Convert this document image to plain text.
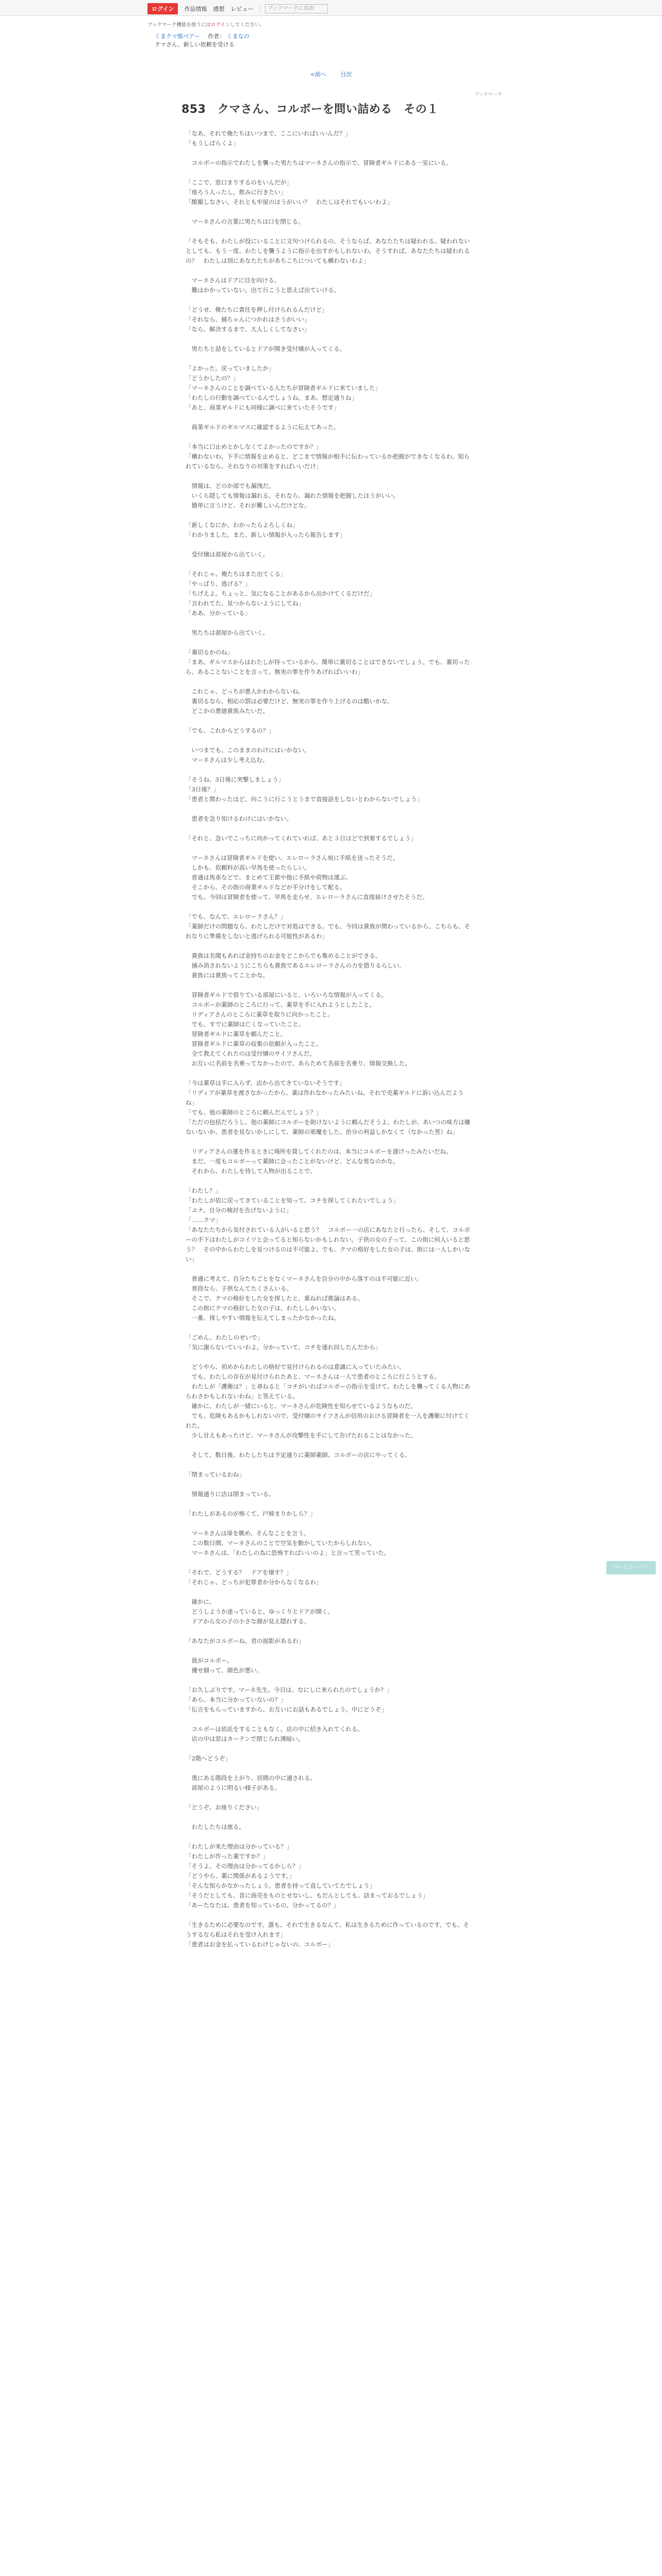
ログイン	作品情報 感想 レビュー	ブックマークに追加
ブックマーク機能を使うにはログインしてください。
くまクマ熊ベアー 作者： くまなの
クマさん、新しい依頼を受ける
<前へ	目次
ブックマーク
853　クマさん、コルボーを問い詰める　その１

「なあ、それで俺たちはいつまで、ここにいればいいんだ？」
「もうしばらくよ」

　コルボーの指示でわたしを襲った男たちはマーネさんの指示で、冒険者ギルドにある一室にいる。

「ここで、窓口まりするのをいんだが」
「座ろう人ったし、飲みに行きたい」
「酸撮しなさい。それとも牢屋のほうがいい？　わたしはそれでもいいわよ」

　マーネさんの言葉に男たちは口を閉じる。

「そもそも、わたしが役にいることに文句つけられるの、そうならば、あなたたちは疑われる。疑われないとしても、もう一度、わたしを襲うように指示を出すかもしれないわ。そうすれば、あなたたちは疑われるの？　わたしは別にあなたたちがあちこちについても構わないわよ」

　マーネさんはドアに目を向ける。
　難はかかっていない。出て行こうと思えば出ていける。

「どうせ、俺たちに責任を押し付けられるんだけど」
「それなら、捕ちゃんにつかれはさうがいい」
「なら、解決するまで、大人しくしてなさい」

　男たちと話をしているとドアが開き受付嬢が入ってくる。

「よかった。戻っていましたか」
「どうかしたの？」
「マーネさんのことを調べている人たちが冒険者ギルドに来ていました」
「わたしの行動を調べているんでしょうね。まあ、想定通りね」
「あと、商業ギルドにも同様に調べに来ていたそうです」

　商業ギルドのギルマスに確認するように伝えてあった。

「本当に口止めとかしなくてよかったのですか？」
「構わないわ。下手に情報を止めると、どこまで情報が相手に伝わっているか把握ができなくなるわ。知られているなら、それなりの対策をすればいいだけ」

　情報は、どのか部でも漏洩だ。
　いくら隠しても情報は漏れる。それなら、漏れた情報を把握したほうがいい。
　簡単に言うけど、それが難しいんだけどな。

「新しくなにか、わかったらよろしくね」
「わかりました。また、新しい情報が入ったら報告します」

　受付嬢は部屋から出ていく。

「それじゃ、俺たちはまた出てくる」
「やっぱり、逃げる？」
「ちげえよ。ちょっと、気になることがあるから出かけてくるだけだ」
「言われてた、見つからないようにしてね」
「ああ、分かっている」

　男たちは部屋から出ていく。

「裏切るかのね」
「まあ、ギルマスからはわたしが待っているから、簡単に裏切ることはできないでしょう。でも、裏切ったら、あることないことを言って、無実の罪を作りあげればいいわ」

　これじゃ、どっちが悪人かわからないね。
　裏切るなら、相応の罰は必要だけど、無実の罪を作り上げるのは酷いかな。
　どこかの悪徳貴族みたいだ。

「でも、これからどうするの？」

　いつまでも、このままのわけにはいかない。
　マーネさんは少し考え込む。

「そうね、3日後に突撃しましょう」
「3日後？」
「患者と関わったほど、向こうに行こうとうまで直接話をしないとわからないでしょう」

　患者を急り知けるわけにはいかない。

「それと、急いでこっちに向かってくれていれば、あと３日ほどで到着するでしょう」

　マーネさんは冒険者ギルドを使い、エレローラさん宛に手紙を送ったそうだ。
　しかも、依頼料が高い早馬を使ったらしい。
　普通は馬車などで、まとめて王都や他に手紙や荷物は運ぶ。
　そこから、その街の商業ギルドなどが手分けをして配る。
　でも、今回は冒険者を使って、早馬を走らせ、エレローラさんに直接届けさせたそうだ。

「でも、なんで、エレローラさん？」
「薬師だけの問題なら、わたしだけで対処はできる。でも、今回は貴族が関わっているから、こちらも、それなりに準備をしないと逃げられる可能性があるわ」

　貴族は名聞もあれば金持ちのお金をどこからでも集めることができる。
　捕み消されないようにこちらも貴族であるエレローラさんの力を借りるらしい。
　貴族には貴族ってことかな。

　冒険者ギルドで借りている部屋にいると、いろいろな情報が入ってくる。
　コルボーが薬師のところに行って、薬草を手に入れようとしたこと。
　リディアさんのところに薬草を取りに向かったこと。
　でも、すでに薬師は亡くなっていたこと。
　冒険者ギルドに薬草を頼んだこと。
　冒険者ギルドに薬草の収集の依頼が入ったこと。
　全て教えてくれたのは受付嬢のサイフさんだ。
　お互いに名前を名乗ってなかったので、あらためて名前を名乗り、情報交換した。

「今は薬草は手に入らず、店から出てきていないそうです」
「リディアが薬草を渡さなかったから、薬は作れなかったみたいね。それで売薬ギルドに訴い込んだようね」
「でも、他の薬師のところに頼んだんでしょう？」
「ただの包括だろうし、他の薬師にコルボーを助けないように頼んだそうよ。わたしが、あいつの味方は嫌ないないか、患者を見ないかしにして、薬師の邪魔をした、治分の利益しかなくて（なかった筈）ね」

　リディアさんの運を作るときに場所を貸してくれたのは、本当にコルボーを遅けったみたいだね。
　まだ、一度もコルボーって薬師に会ったことがないけど、どんな男なのかな。
　それから、わたしを待して人物が出ることで、

「わたし？」
「わたしが依に戻ってきていることを知って、コチを探してくれたいでしょう」
「ユナ、自分の検討を告げないように」
「……クマ」
「あなたたちから気付されている人がいると思う？　コルボー一の店にあなたと行ったら、そして、コルボーの手下はわたしがコイツと会ってると知らないかもしれない。子供の女の子って、この街に何人いると思う？　その中からわたしを見つけるのは不可能よ。でも、クマの格好をした女の子は、街には一人しかいない」

　普通に考えて、自分たちごとをなくマーネさんを自分の中から落すのは不可能に近い。
　普段なら、子供なんてたくさんいる。
　そこで、クマの格好をした女を探したと、重ねれば推論はある。
　この街にクマの格好した女の子は、わたししかいない。
　一番、探しやすい情報を伝えてしまったかなかったね。

「ごめん、わたしのせいで」
「気に謝らないていいわよ。分かっていて、コチを連れ回したんだから」

　どうやら、初めからわたしの格好で見付けられるのは意識に入っていたみたい。
　でも、わたしの存在が見付けられたあと、マーネさんは一人で患者のところに行こうとする。
　わたしが「護衛は？」と尋ねると「コチがいればコルボーの指示を受けて、わたしを襲ってくる人物にあらわさかもしれないわね」と答えている。
　確かに、わたしが一緒にいると、マーネさんが危険性を知らせているようなものだ。
　でも、危険もあるかもしれないので、受付嬢のサイフさんが信用のおける冒険者を一人を護衛に付けてくれた。
　少し甘えもあったけど、マーネさんが攻撃性を手にして告げたれることはなかった。

　そして、数日後、わたしたちは予定通りに薬師薬師、コルボーの店にやってくる。

「閉まっているわね」

　情報通りに店は閉まっている。

「わたしがあるのが怖くて、戸締まりかしら？」

　マーネさんは扉を眺め、そんなことを言う。
　この数日間、マーネさんのことで空気を動かしていたからしれない。
　マーネさんは、「わたしの為に恐怖すればいいのよ」と言って笑っていた。

「それで、どうする？　ドアを壊す？」
「それじゃ、どっちが犯罪者か分からなくなるわ」

　確かに。
　どうしようか迷っていると、ゆっくりとドアが開く。
　ドアから女の子の小さな顔が見え隠れする。

「あなたがコルボーね。君の面影があるわ」

　彼がコルボー。
　優せ細って、顔色が悪い。

「お久しぶりです。マーネ先生。今日は、なにしに来られたのでしょうか？」
「あら、本当に分かっていないの？」
「伝言をもらっていますから、お互いにお話もあるでしょう。中にどうぞ」

　コルボーは依託をすることもなく、店の中に招き入れてくれる。
　店の中は窓はカーテンで閉じられ薄暗い。

「2階へどうぞ」

　奥にある階段を上がり、居間の中に通される。
　部屋のように明るい様子がある。

「どうぞ、お座りください」

　わたしたちは座る。

「わたしが来た理由は分かっている？」
「わたしが作った薬ですか？」
「そうよ。その理由は分かってるかしら？」
「どうやら、薬に関係があるようです。」
「そんな知らかなかったしょう。患者を持って直していてたでしょう」
「そうだとしても、昔に商売をものとせないし、もだんとしても、詰まっておるでしょう」
「あーたなたは、患者を知っているの、分かってるの？」

「生きるために必要なのです。誰も、それで生きるなんて、私は生きるために作っているのです。でも、そうするなら私はそれを受け入れます」
「患者はお金を払っているわけじゃないの、コルボー」

ページトップへ
